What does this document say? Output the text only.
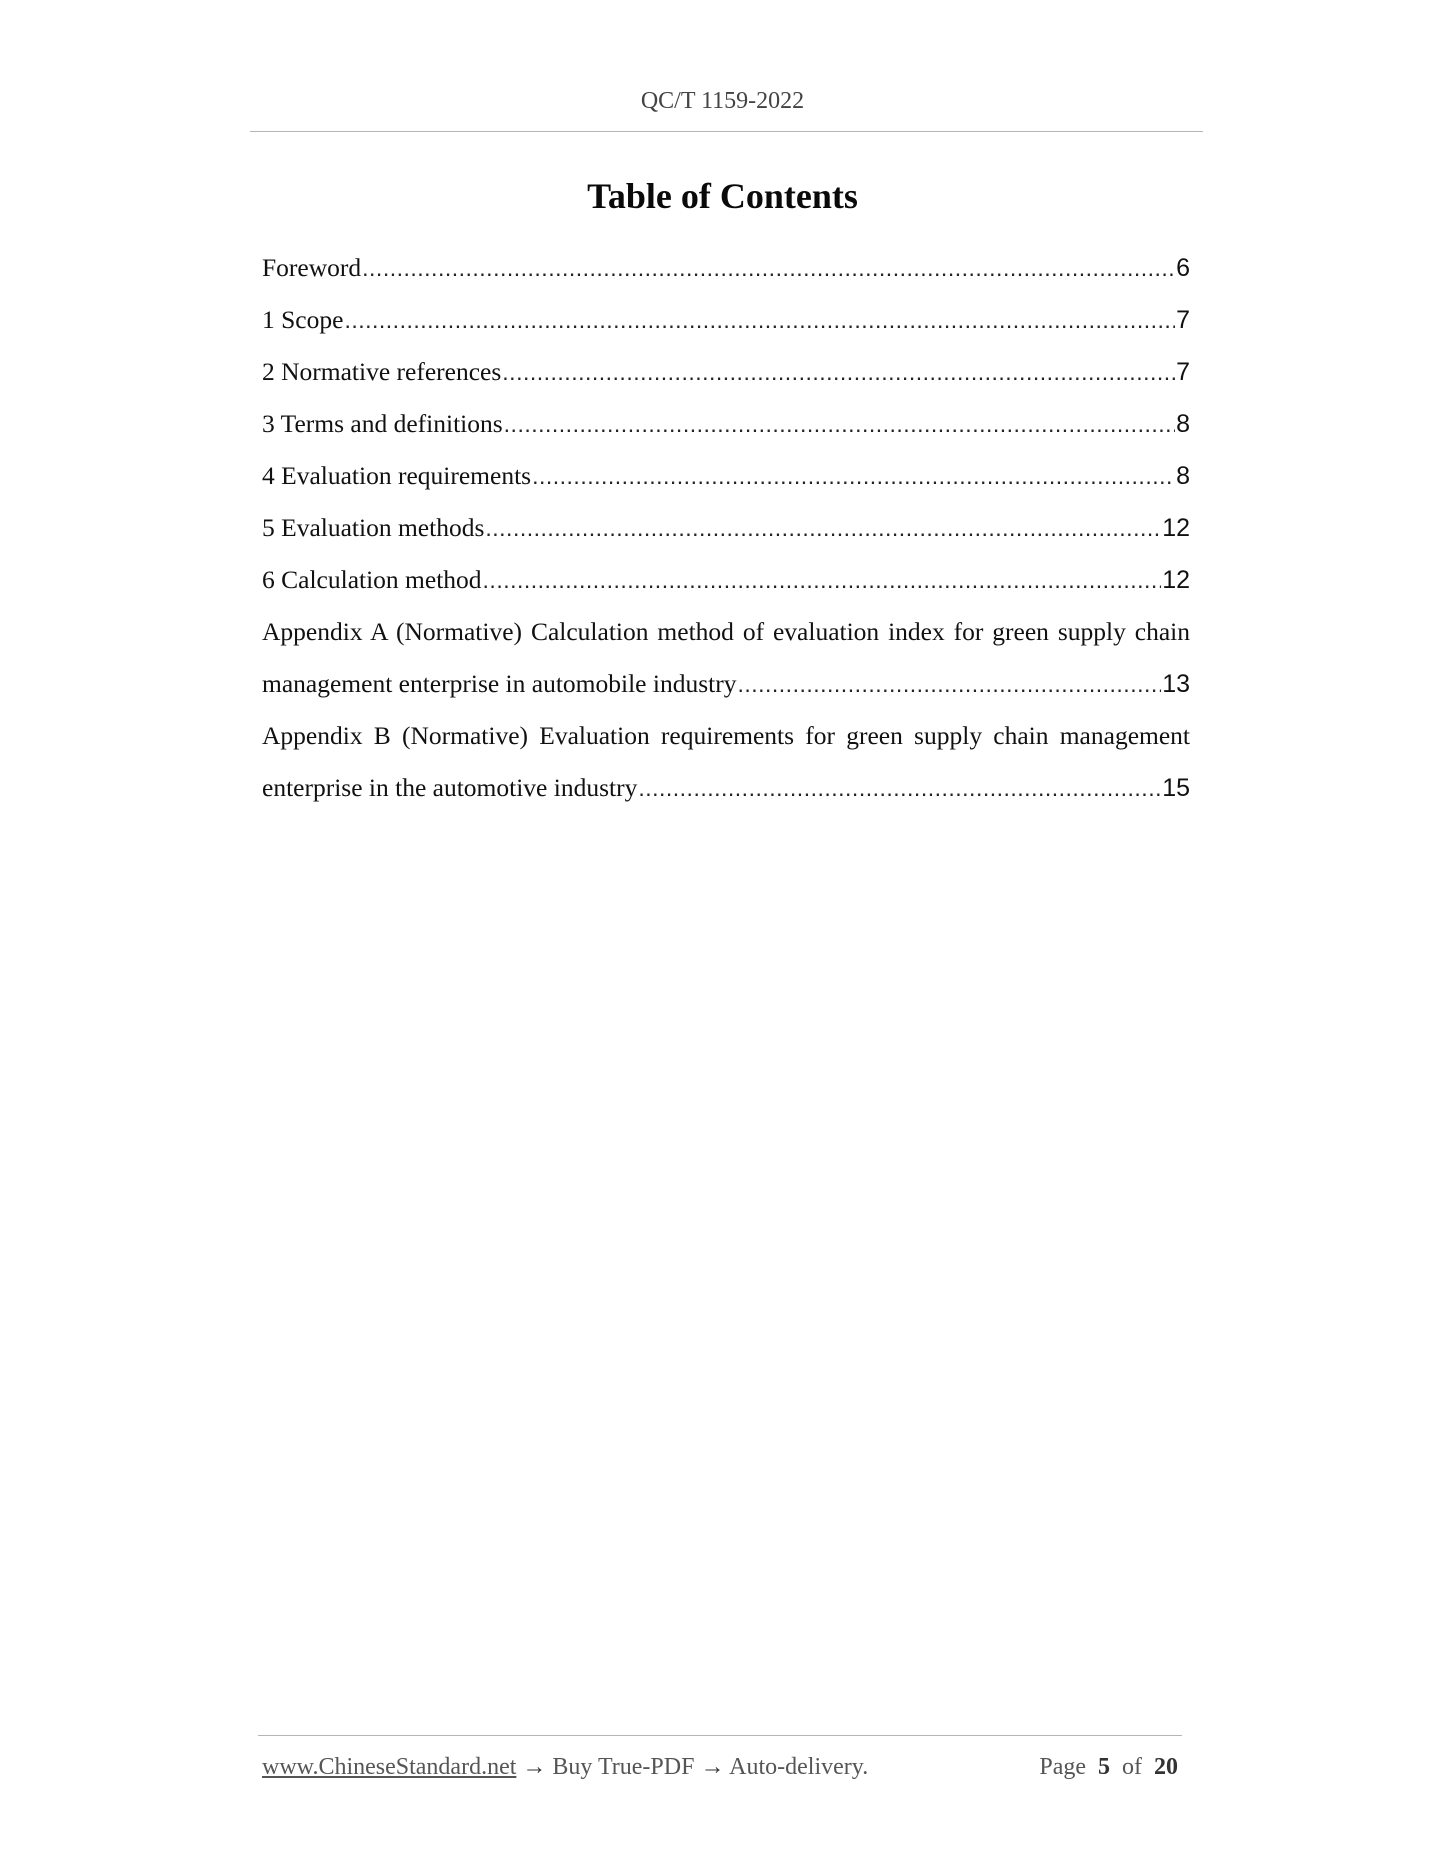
QC/T 1159-2022
Table of Contents
Foreword .....	6
1 Scope .....	7
2 Normative references .....	7
3 Terms and definitions .....	8
4 Evaluation requirements .....	8
5 Evaluation methods .....	12
6 Calculation method .....	12
Appendix A (Normative) Calculation method of evaluation index for green supply chain
management enterprise in automobile industry .....	13
Appendix B (Normative) Evaluation requirements for green supply chain management
enterprise in the automotive industry .....	15
www.ChineseStandard.net → Buy True-PDF → Auto-delivery.	Page 5 of 20
